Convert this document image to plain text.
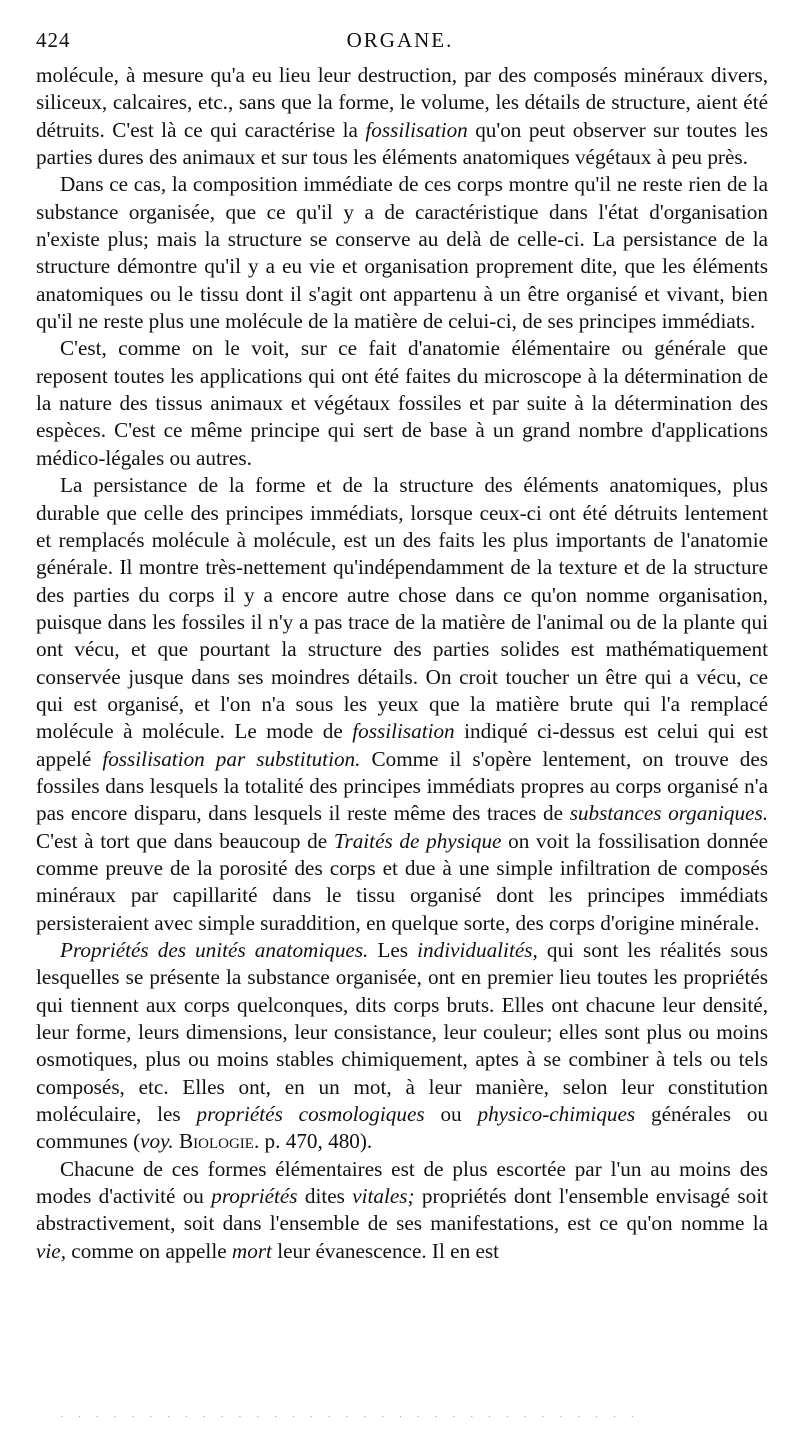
424	ORGANE.

molécule, à mesure qu'a eu lieu leur destruction, par des composés minéraux divers, siliceux, calcaires, etc., sans que la forme, le volume, les détails de structure, aient été détruits. C'est là ce qui caractérise la fossilisation qu'on peut observer sur toutes les parties dures des animaux et sur tous les éléments anatomiques végétaux à peu près.

Dans ce cas, la composition immédiate de ces corps montre qu'il ne reste rien de la substance organisée, que ce qu'il y a de caractéristique dans l'état d'organisation n'existe plus; mais la structure se conserve au delà de celle-ci. La persistance de la structure démontre qu'il y a eu vie et organisation proprement dite, que les éléments anatomiques ou le tissu dont il s'agit ont appartenu à un être organisé et vivant, bien qu'il ne reste plus une molécule de la matière de celui-ci, de ses principes immédiats.

C'est, comme on le voit, sur ce fait d'anatomie élémentaire ou générale que reposent toutes les applications qui ont été faites du microscope à la détermination de la nature des tissus animaux et végétaux fossiles et par suite à la détermination des espèces. C'est ce même principe qui sert de base à un grand nombre d'applications médico-légales ou autres.

La persistance de la forme et de la structure des éléments anatomiques, plus durable que celle des principes immédiats, lorsque ceux-ci ont été détruits lentement et remplacés molécule à molécule, est un des faits les plus importants de l'anatomie générale. Il montre très-nettement qu'indépendamment de la texture et de la structure des parties du corps il y a encore autre chose dans ce qu'on nomme organisation, puisque dans les fossiles il n'y a pas trace de la matière de l'animal ou de la plante qui ont vécu, et que pourtant la structure des parties solides est mathématiquement conservée jusque dans ses moindres détails. On croit toucher un être qui a vécu, ce qui est organisé, et l'on n'a sous les yeux que la matière brute qui l'a remplacé molécule à molécule. Le mode de fossilisation indiqué ci-dessus est celui qui est appelé fossilisation par substitution. Comme il s'opère lentement, on trouve des fossiles dans lesquels la totalité des principes immédiats propres au corps organisé n'a pas encore disparu, dans lesquels il reste même des traces de substances organiques. C'est à tort que dans beaucoup de Traités de physique on voit la fossilisation donnée comme preuve de la porosité des corps et due à une simple infiltration de composés minéraux par capillarité dans le tissu organisé dont les principes immédiats persisteraient avec simple suraddition, en quelque sorte, des corps d'origine minérale.

Propriétés des unités anatomiques. Les individualités, qui sont les réalités sous lesquelles se présente la substance organisée, ont en premier lieu toutes les propriétés qui tiennent aux corps quelconques, dits corps bruts. Elles ont chacune leur densité, leur forme, leurs dimensions, leur consistance, leur couleur; elles sont plus ou moins osmotiques, plus ou moins stables chimiquement, aptes à se combiner à tels ou tels composés, etc. Elles ont, en un mot, à leur manière, selon leur constitution moléculaire, les propriétés cosmologiques ou physico-chimiques générales ou communes (voy. Biologie. p. 470, 480).

Chacune de ces formes élémentaires est de plus escortée par l'un au moins des modes d'activité ou propriétés dites vitales; propriétés dont l'ensemble envisagé soit abstractivement, soit dans l'ensemble de ses manifestations, est ce qu'on nomme la vie, comme on appelle mort leur évanescence. Il en est

· · · · · · · · · · · · · · · · · · · · · · · · · · · · · · · · ·
